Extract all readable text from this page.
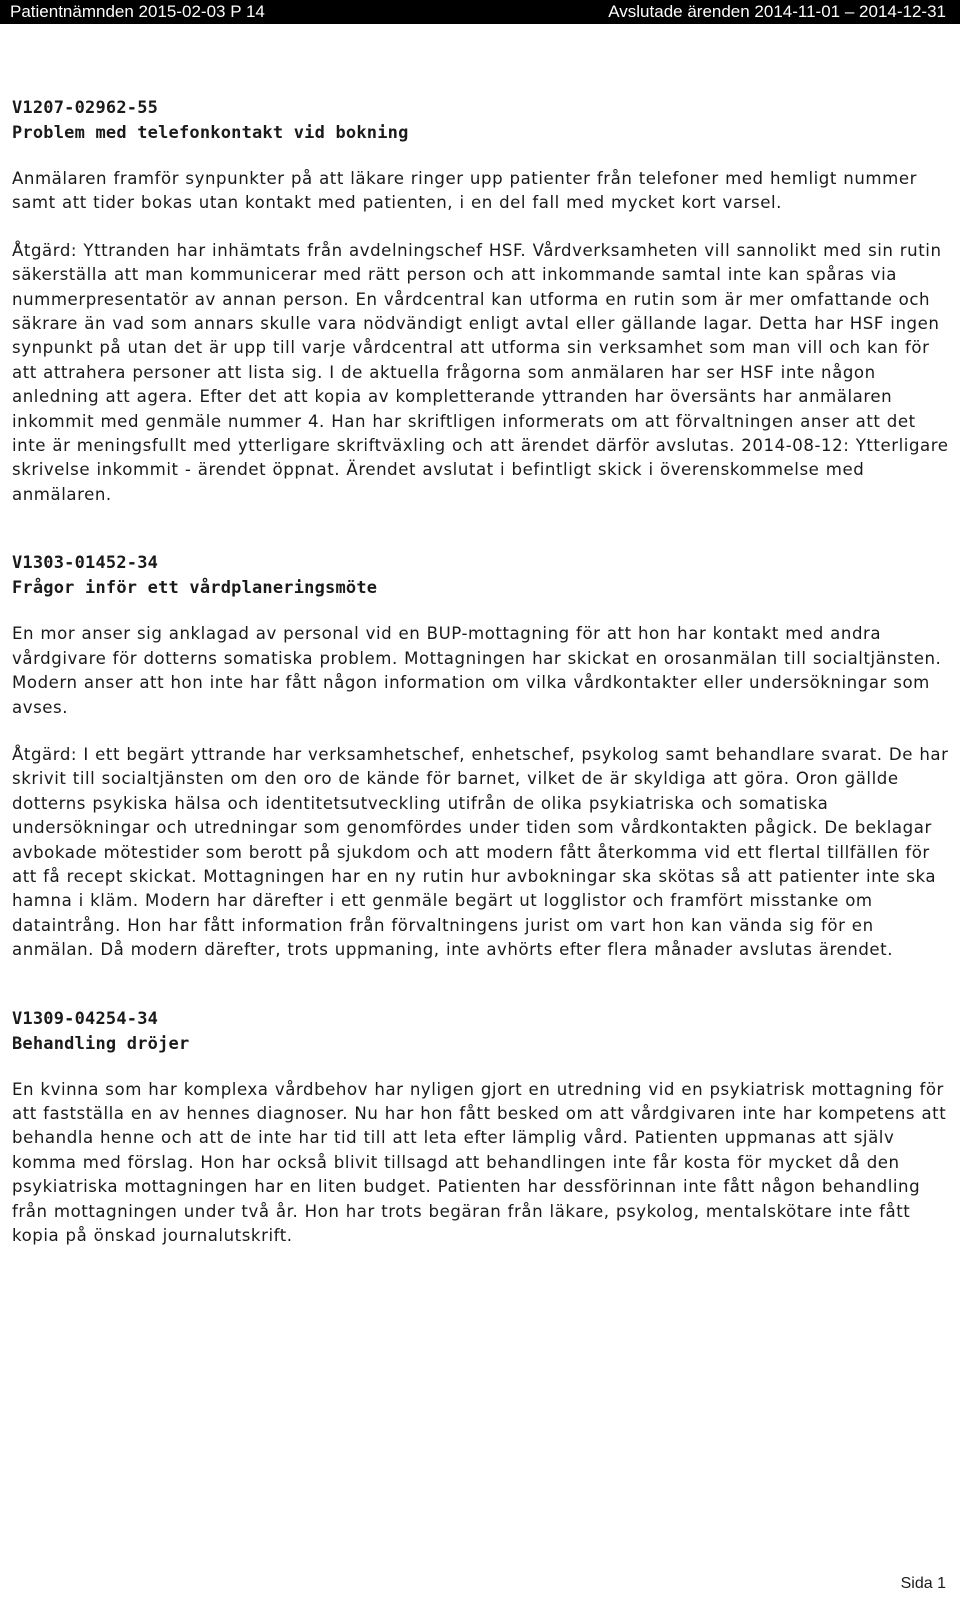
Patientnämnden 2015-02-03 P 14	Avslutade ärenden 2014-11-01 – 2014-12-31

V1207-02962-55

Problem med telefonkontakt vid bokning

Anmälaren framför synpunkter på att läkare ringer upp patienter från telefoner med hemligt nummer samt att tider bokas utan kontakt med patienten, i en del fall med mycket kort varsel.

Åtgärd: Yttranden har inhämtats från avdelningschef HSF. Vårdverksamheten vill sannolikt med sin rutin säkerställa att man kommunicerar med rätt person och att inkommande samtal inte kan spåras via nummerpresentatör av annan person. En vårdcentral kan utforma en rutin som är mer omfattande och säkrare än vad som annars skulle vara nödvändigt enligt avtal eller gällande lagar. Detta har HSF ingen synpunkt på utan det är upp till varje vårdcentral att utforma sin verksamhet som man vill och kan för att attrahera personer att lista sig. I de aktuella frågorna som anmälaren har ser HSF inte någon anledning att agera. Efter det att kopia av kompletterande yttranden har översänts har anmälaren inkommit med genmäle nummer 4. Han har skriftligen informerats om att förvaltningen anser att det inte är meningsfullt med ytterligare skriftväxling och att ärendet därför avslutas. 2014-08-12: Ytterligare skrivelse inkommit - ärendet öppnat. Ärendet avslutat i befintligt skick i överenskommelse med anmälaren.

V1303-01452-34

Frågor inför ett vårdplaneringsmöte

En mor anser sig anklagad av personal vid en BUP-mottagning för att hon har kontakt med andra vårdgivare för dotterns somatiska problem. Mottagningen har skickat en orosanmälan till socialtjänsten. Modern anser att hon inte har fått någon information om vilka vårdkontakter eller undersökningar som avses.

Åtgärd: I ett begärt yttrande har verksamhetschef, enhetschef, psykolog samt behandlare svarat. De har skrivit till socialtjänsten om den oro de kände för barnet, vilket de är skyldiga att göra. Oron gällde dotterns psykiska hälsa och identitetsutveckling utifrån de olika psykiatriska och somatiska undersökningar och utredningar som genomfördes under tiden som vårdkontakten pågick. De beklagar avbokade mötestider som berott på sjukdom och att modern fått återkomma vid ett flertal tillfällen för att få recept skickat. Mottagningen har en ny rutin hur avbokningar ska skötas så att patienter inte ska hamna i kläm. Modern har därefter i ett genmäle begärt ut logglistor och framfört misstanke om dataintrång. Hon har fått information från förvaltningens jurist om vart hon kan vända sig för en anmälan. Då modern därefter, trots uppmaning, inte avhörts efter flera månader avslutas ärendet.

V1309-04254-34

Behandling dröjer

En kvinna som har komplexa vårdbehov har nyligen gjort en utredning vid en psykiatrisk mottagning för att fastställa en av hennes diagnoser. Nu har hon fått besked om att vårdgivaren inte har kompetens att behandla henne och att de inte har tid till att leta efter lämplig vård. Patienten uppmanas att själv komma med förslag. Hon har också blivit tillsagd att behandlingen inte får kosta för mycket då den psykiatriska mottagningen har en liten budget. Patienten har dessförinnan inte fått någon behandling från mottagningen under två år. Hon har trots begäran från läkare, psykolog, mentalskötare inte fått kopia på önskad journalutskrift.

Sida 1
